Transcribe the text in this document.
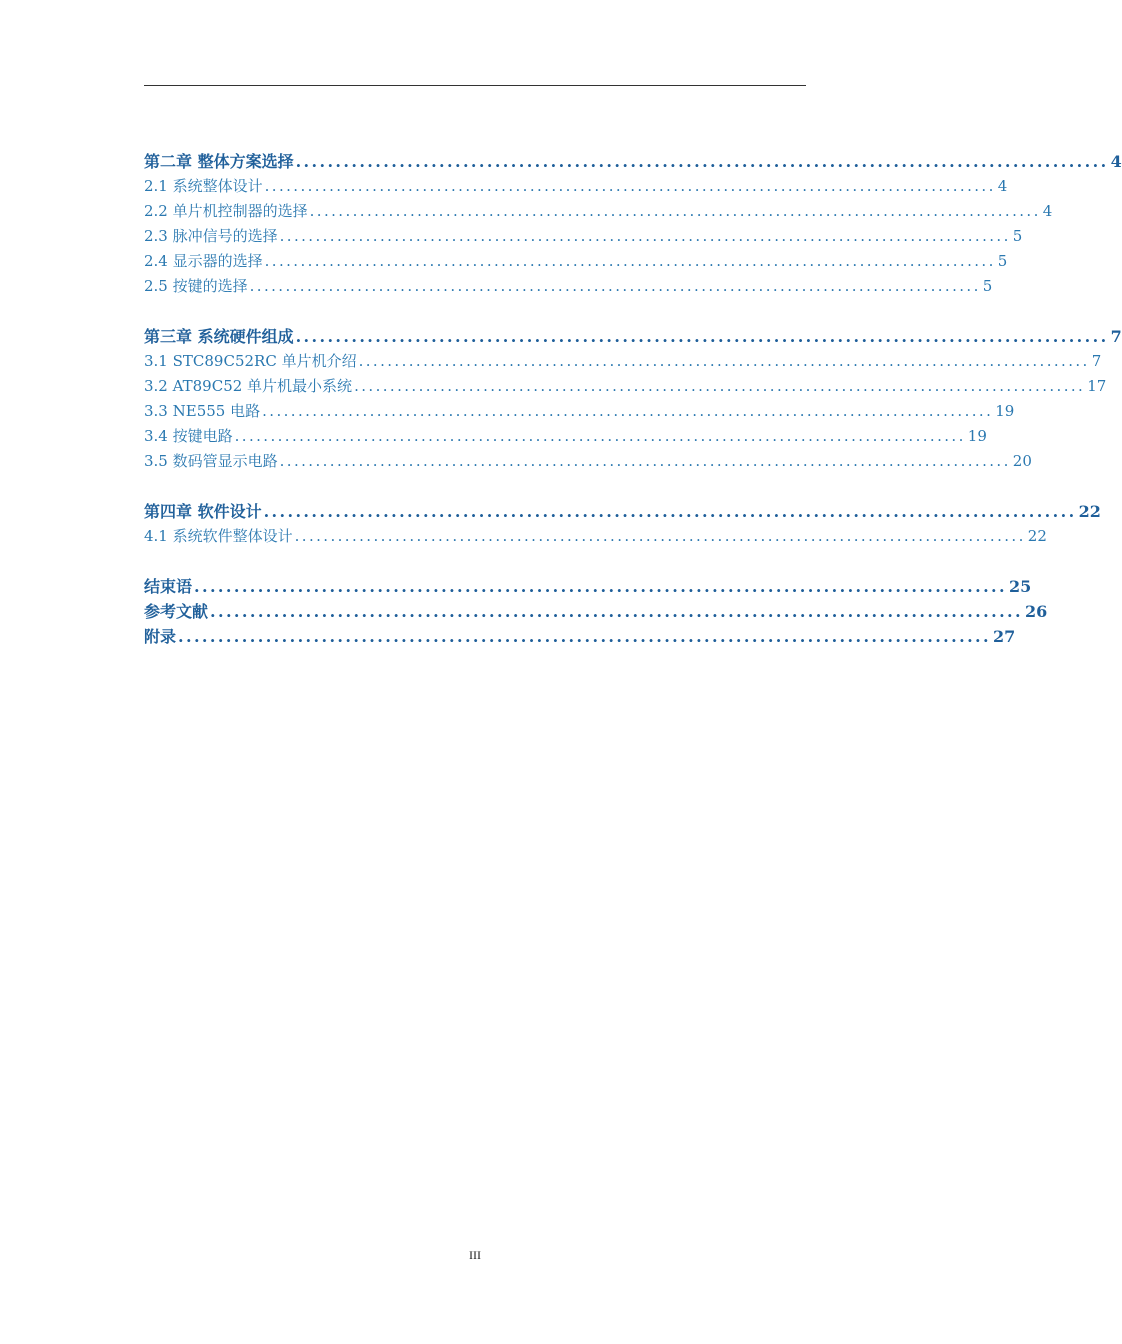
第二章 整体方案选择 ...................................................................................................... 4
2.1 系统整体设计 ...................................................................................................... 4
2.2 单片机控制器的选择 ...................................................................................................... 4
2.3 脉冲信号的选择 ...................................................................................................... 5
2.4 显示器的选择 ...................................................................................................... 5
2.5 按键的选择 ...................................................................................................... 5
第三章 系统硬件组成 ...................................................................................................... 7
3.1 STC89C52RC 单片机介绍 ...................................................................................................... 7
3.2 AT89C52 单片机最小系统 ...................................................................................................... 17
3.3 NE555 电路 ...................................................................................................... 19
3.4 按键电路 ...................................................................................................... 19
3.5 数码管显示电路 ...................................................................................................... 20
第四章 软件设计 ...................................................................................................... 22
4.1 系统软件整体设计 ...................................................................................................... 22
结束语 ...................................................................................................... 25
参考文献 ...................................................................................................... 26
附录 ...................................................................................................... 27
III
